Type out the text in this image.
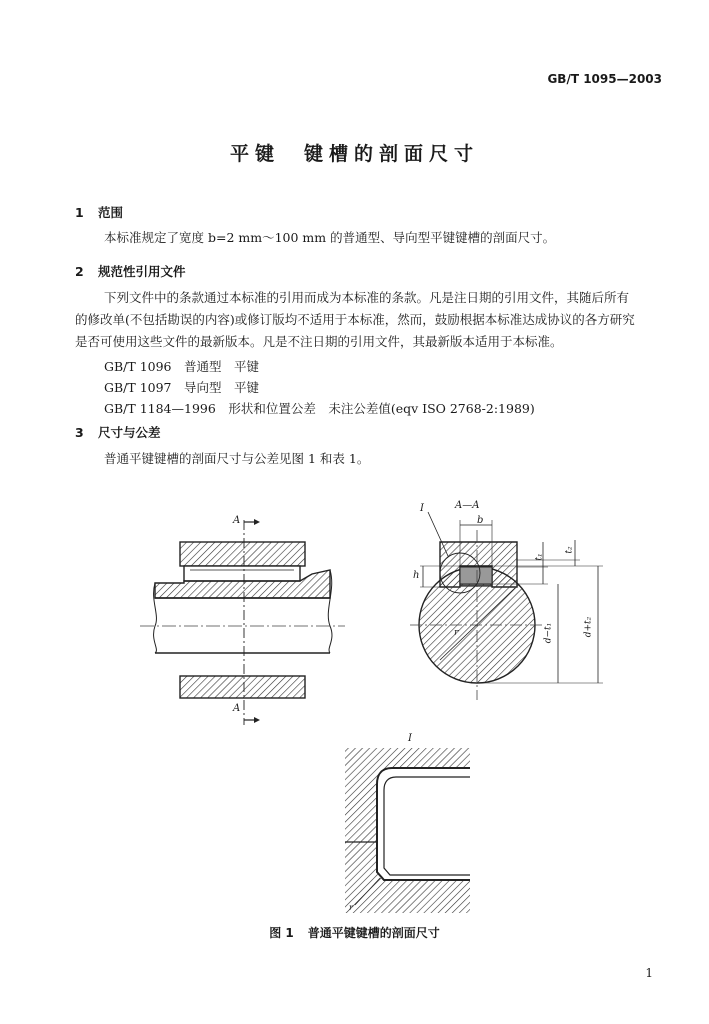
GB/T 1095—2003
平键 键槽的剖面尺寸
1 范围

本标准规定了宽度 b=2 mm～100 mm 的普通型、导向型平键键槽的剖面尺寸。

2 规范性引用文件

下列文件中的条款通过本标准的引用而成为本标准的条款。凡是注日期的引用文件，其随后所有

的修改单(不包括勘误的内容)或修订版均不适用于本标准，然而，鼓励根据本标准达成协议的各方研究

是否可使用这些文件的最新版本。凡是不注日期的引用文件，其最新版本适用于本标准。

GB/T 1096　普通型　平键

GB/T 1097　导向型　平键

GB/T 1184—1996　形状和位置公差　未注公差值(eqv ISO 2768-2:1989)

3 尺寸与公差

普通平键键槽的剖面尺寸与公差见图 1 和表 1。

A
A
A—A
I
b
h
t₁
t₂
d−t₁	d+t₂
r
I
r
图 1 普通平键键槽的剖面尺寸
1
